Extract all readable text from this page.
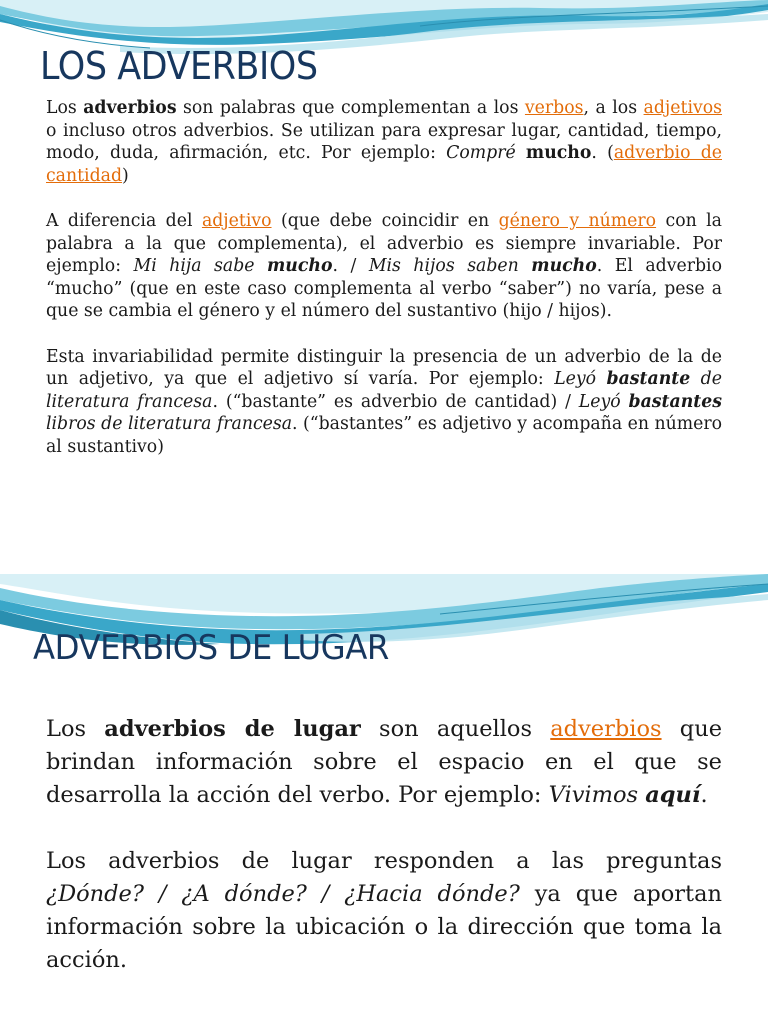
LOS ADVERBIOS

Los adverbios son palabras que complementan a los verbos, a los adjetivos o incluso otros adverbios. Se utilizan para expresar lugar, cantidad, tiempo, modo, duda, afirmación, etc. Por ejemplo: Compré mucho. (adverbio de cantidad)

A diferencia del adjetivo (que debe coincidir en género y número con la palabra a la que complementa), el adverbio es siempre invariable. Por ejemplo: Mi hija sabe mucho. / Mis hijos saben mucho. El adverbio “mucho” (que en este caso complementa al verbo “saber”) no varía, pese a que se cambia el género y el número del sustantivo (hijo / hijos).

Esta invariabilidad permite distinguir la presencia de un adverbio de la de un adjetivo, ya que el adjetivo sí varía. Por ejemplo: Leyó bastante de literatura francesa. (“bastante” es adverbio de cantidad) / Leyó bastantes libros de literatura francesa. (“bastantes” es adjetivo y acompaña en número al sustantivo)

ADVERBIOS DE LUGAR

Los adverbios de lugar son aquellos adverbios que brindan información sobre el espacio en el que se desarrolla la acción del verbo. Por ejemplo: Vivimos aquí.

Los adverbios de lugar responden a las preguntas ¿Dónde? / ¿A dónde? / ¿Hacia dónde? ya que aportan información sobre la ubicación o la dirección que toma la acción.
